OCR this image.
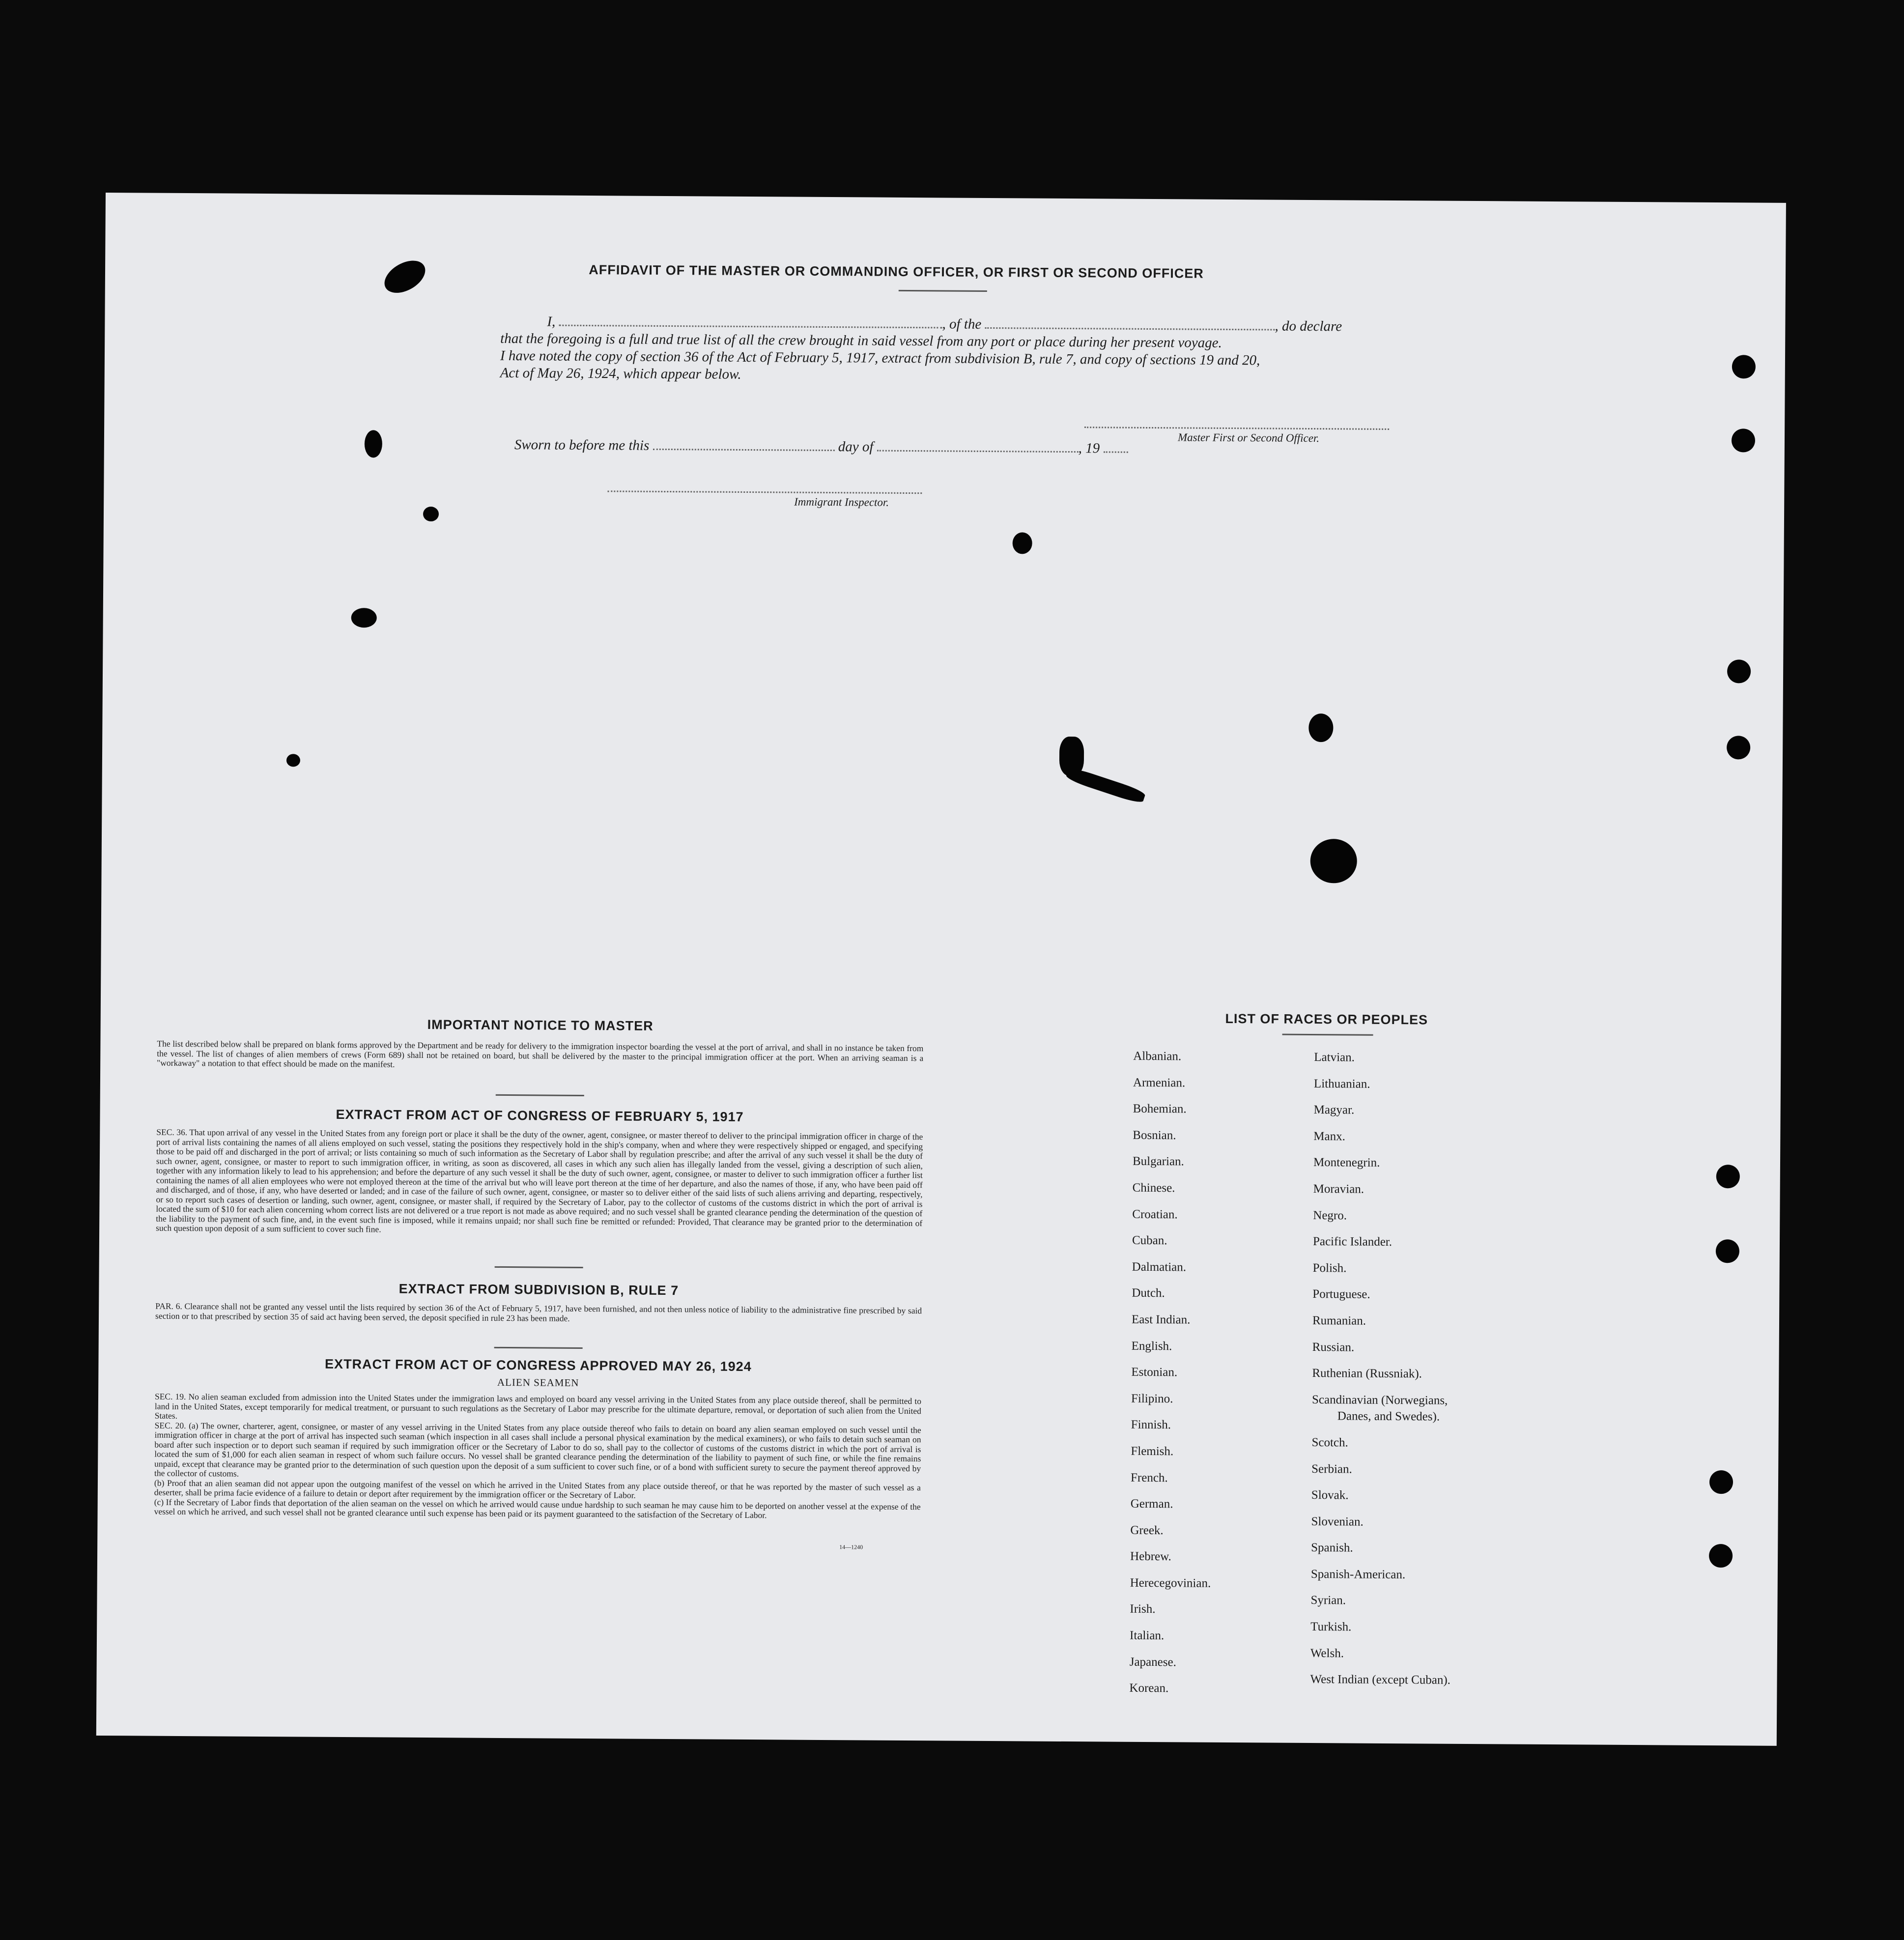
AFFIDAVIT OF THE MASTER OR COMMANDING OFFICER, OR FIRST OR SECOND OFFICER
I,	, of the	, do declare
that the foregoing is a full and true list of all the crew brought in said vessel from any port or place during her present voyage.
I have noted the copy of section 36 of the Act of February 5, 1917, extract from subdivision B, rule 7, and copy of sections 19 and 20,
Act of May 26, 1924, which appear below.
Master First or Second Officer.
Sworn to before me this	day of	, 19
Immigrant Inspector.
IMPORTANT NOTICE TO MASTER
The list described below shall be prepared on blank forms approved by the Department and be ready for delivery to the immigration inspector boarding the vessel at the port of arrival, and shall in no instance be taken from the vessel. The list of changes of alien members of crews (Form 689) shall not be retained on board, but shall be delivered by the master to the principal immigration officer at the port. When an arriving seaman is a "workaway" a notation to that effect should be made on the manifest.
EXTRACT FROM ACT OF CONGRESS OF FEBRUARY 5, 1917
SEC. 36. That upon arrival of any vessel in the United States from any foreign port or place it shall be the duty of the owner, agent, consignee, or master thereof to deliver to the principal immigration officer in charge of the port of arrival lists containing the names of all aliens employed on such vessel, stating the positions they respectively hold in the ship's company, when and where they were respectively shipped or engaged, and specifying those to be paid off and discharged in the port of arrival; or lists containing so much of such information as the Secretary of Labor shall by regulation prescribe; and after the arrival of any such vessel it shall be the duty of such owner, agent, consignee, or master to report to such immigration officer, in writing, as soon as discovered, all cases in which any such alien has illegally landed from the vessel, giving a description of such alien, together with any information likely to lead to his apprehension; and before the departure of any such vessel it shall be the duty of such owner, agent, consignee, or master to deliver to such immigration officer a further list containing the names of all alien employees who were not employed thereon at the time of the arrival but who will leave port thereon at the time of her departure, and also the names of those, if any, who have been paid off and discharged, and of those, if any, who have deserted or landed; and in case of the failure of such owner, agent, consignee, or master so to deliver either of the said lists of such aliens arriving and departing, respectively, or so to report such cases of desertion or landing, such owner, agent, consignee, or master shall, if required by the Secretary of Labor, pay to the collector of customs of the customs district in which the port of arrival is located the sum of $10 for each alien concerning whom correct lists are not delivered or a true report is not made as above required; and no such vessel shall be granted clearance pending the determination of the question of the liability to the payment of such fine, and, in the event such fine is imposed, while it remains unpaid; nor shall such fine be remitted or refunded: Provided, That clearance may be granted prior to the determination of such question upon deposit of a sum sufficient to cover such fine.
EXTRACT FROM SUBDIVISION B, RULE 7
PAR. 6. Clearance shall not be granted any vessel until the lists required by section 36 of the Act of February 5, 1917, have been furnished, and not then unless notice of liability to the administrative fine prescribed by said section or to that prescribed by section 35 of said act having been served, the deposit specified in rule 23 has been made.
EXTRACT FROM ACT OF CONGRESS APPROVED MAY 26, 1924
ALIEN SEAMEN
SEC. 19. No alien seaman excluded from admission into the United States under the immigration laws and employed on board any vessel arriving in the United States from any place outside thereof, shall be permitted to land in the United States, except temporarily for medical treatment, or pursuant to such regulations as the Secretary of Labor may prescribe for the ultimate departure, removal, or deportation of such alien from the United States.
SEC. 20. (a) The owner, charterer, agent, consignee, or master of any vessel arriving in the United States from any place outside thereof who fails to detain on board any alien seaman employed on such vessel until the immigration officer in charge at the port of arrival has inspected such seaman (which inspection in all cases shall include a personal physical examination by the medical examiners), or who fails to detain such seaman on board after such inspection or to deport such seaman if required by such immigration officer or the Secretary of Labor to do so, shall pay to the collector of customs of the customs district in which the port of arrival is located the sum of $1,000 for each alien seaman in respect of whom such failure occurs. No vessel shall be granted clearance pending the determination of the liability to payment of such fine, or while the fine remains unpaid, except that clearance may be granted prior to the determination of such question upon the deposit of a sum sufficient to cover such fine, or of a bond with sufficient surety to secure the payment thereof approved by the collector of customs.
(b) Proof that an alien seaman did not appear upon the outgoing manifest of the vessel on which he arrived in the United States from any place outside thereof, or that he was reported by the master of such vessel as a deserter, shall be prima facie evidence of a failure to detain or deport after requirement by the immigration officer or the Secretary of Labor.
(c) If the Secretary of Labor finds that deportation of the alien seaman on the vessel on which he arrived would cause undue hardship to such seaman he may cause him to be deported on another vessel at the expense of the vessel on which he arrived, and such vessel shall not be granted clearance until such expense has been paid or its payment guaranteed to the satisfaction of the Secretary of Labor.
14—1240
LIST OF RACES OR PEOPLES
Albanian.
Armenian.
Bohemian.
Bosnian.
Bulgarian.
Chinese.
Croatian.
Cuban.
Dalmatian.
Dutch.
East Indian.
English.
Estonian.
Filipino.
Finnish.
Flemish.
French.
German.
Greek.
Hebrew.
Herecegovinian.
Irish.
Italian.
Japanese.
Korean.
Latvian.
Lithuanian.
Magyar.
Manx.
Montenegrin.
Moravian.
Negro.
Pacific Islander.
Polish.
Portuguese.
Rumanian.
Russian.
Ruthenian (Russniak).
Scandinavian (Norwegians,
Danes, and Swedes).
Scotch.
Serbian.
Slovak.
Slovenian.
Spanish.
Spanish-American.
Syrian.
Turkish.
Welsh.
West Indian (except Cuban).
